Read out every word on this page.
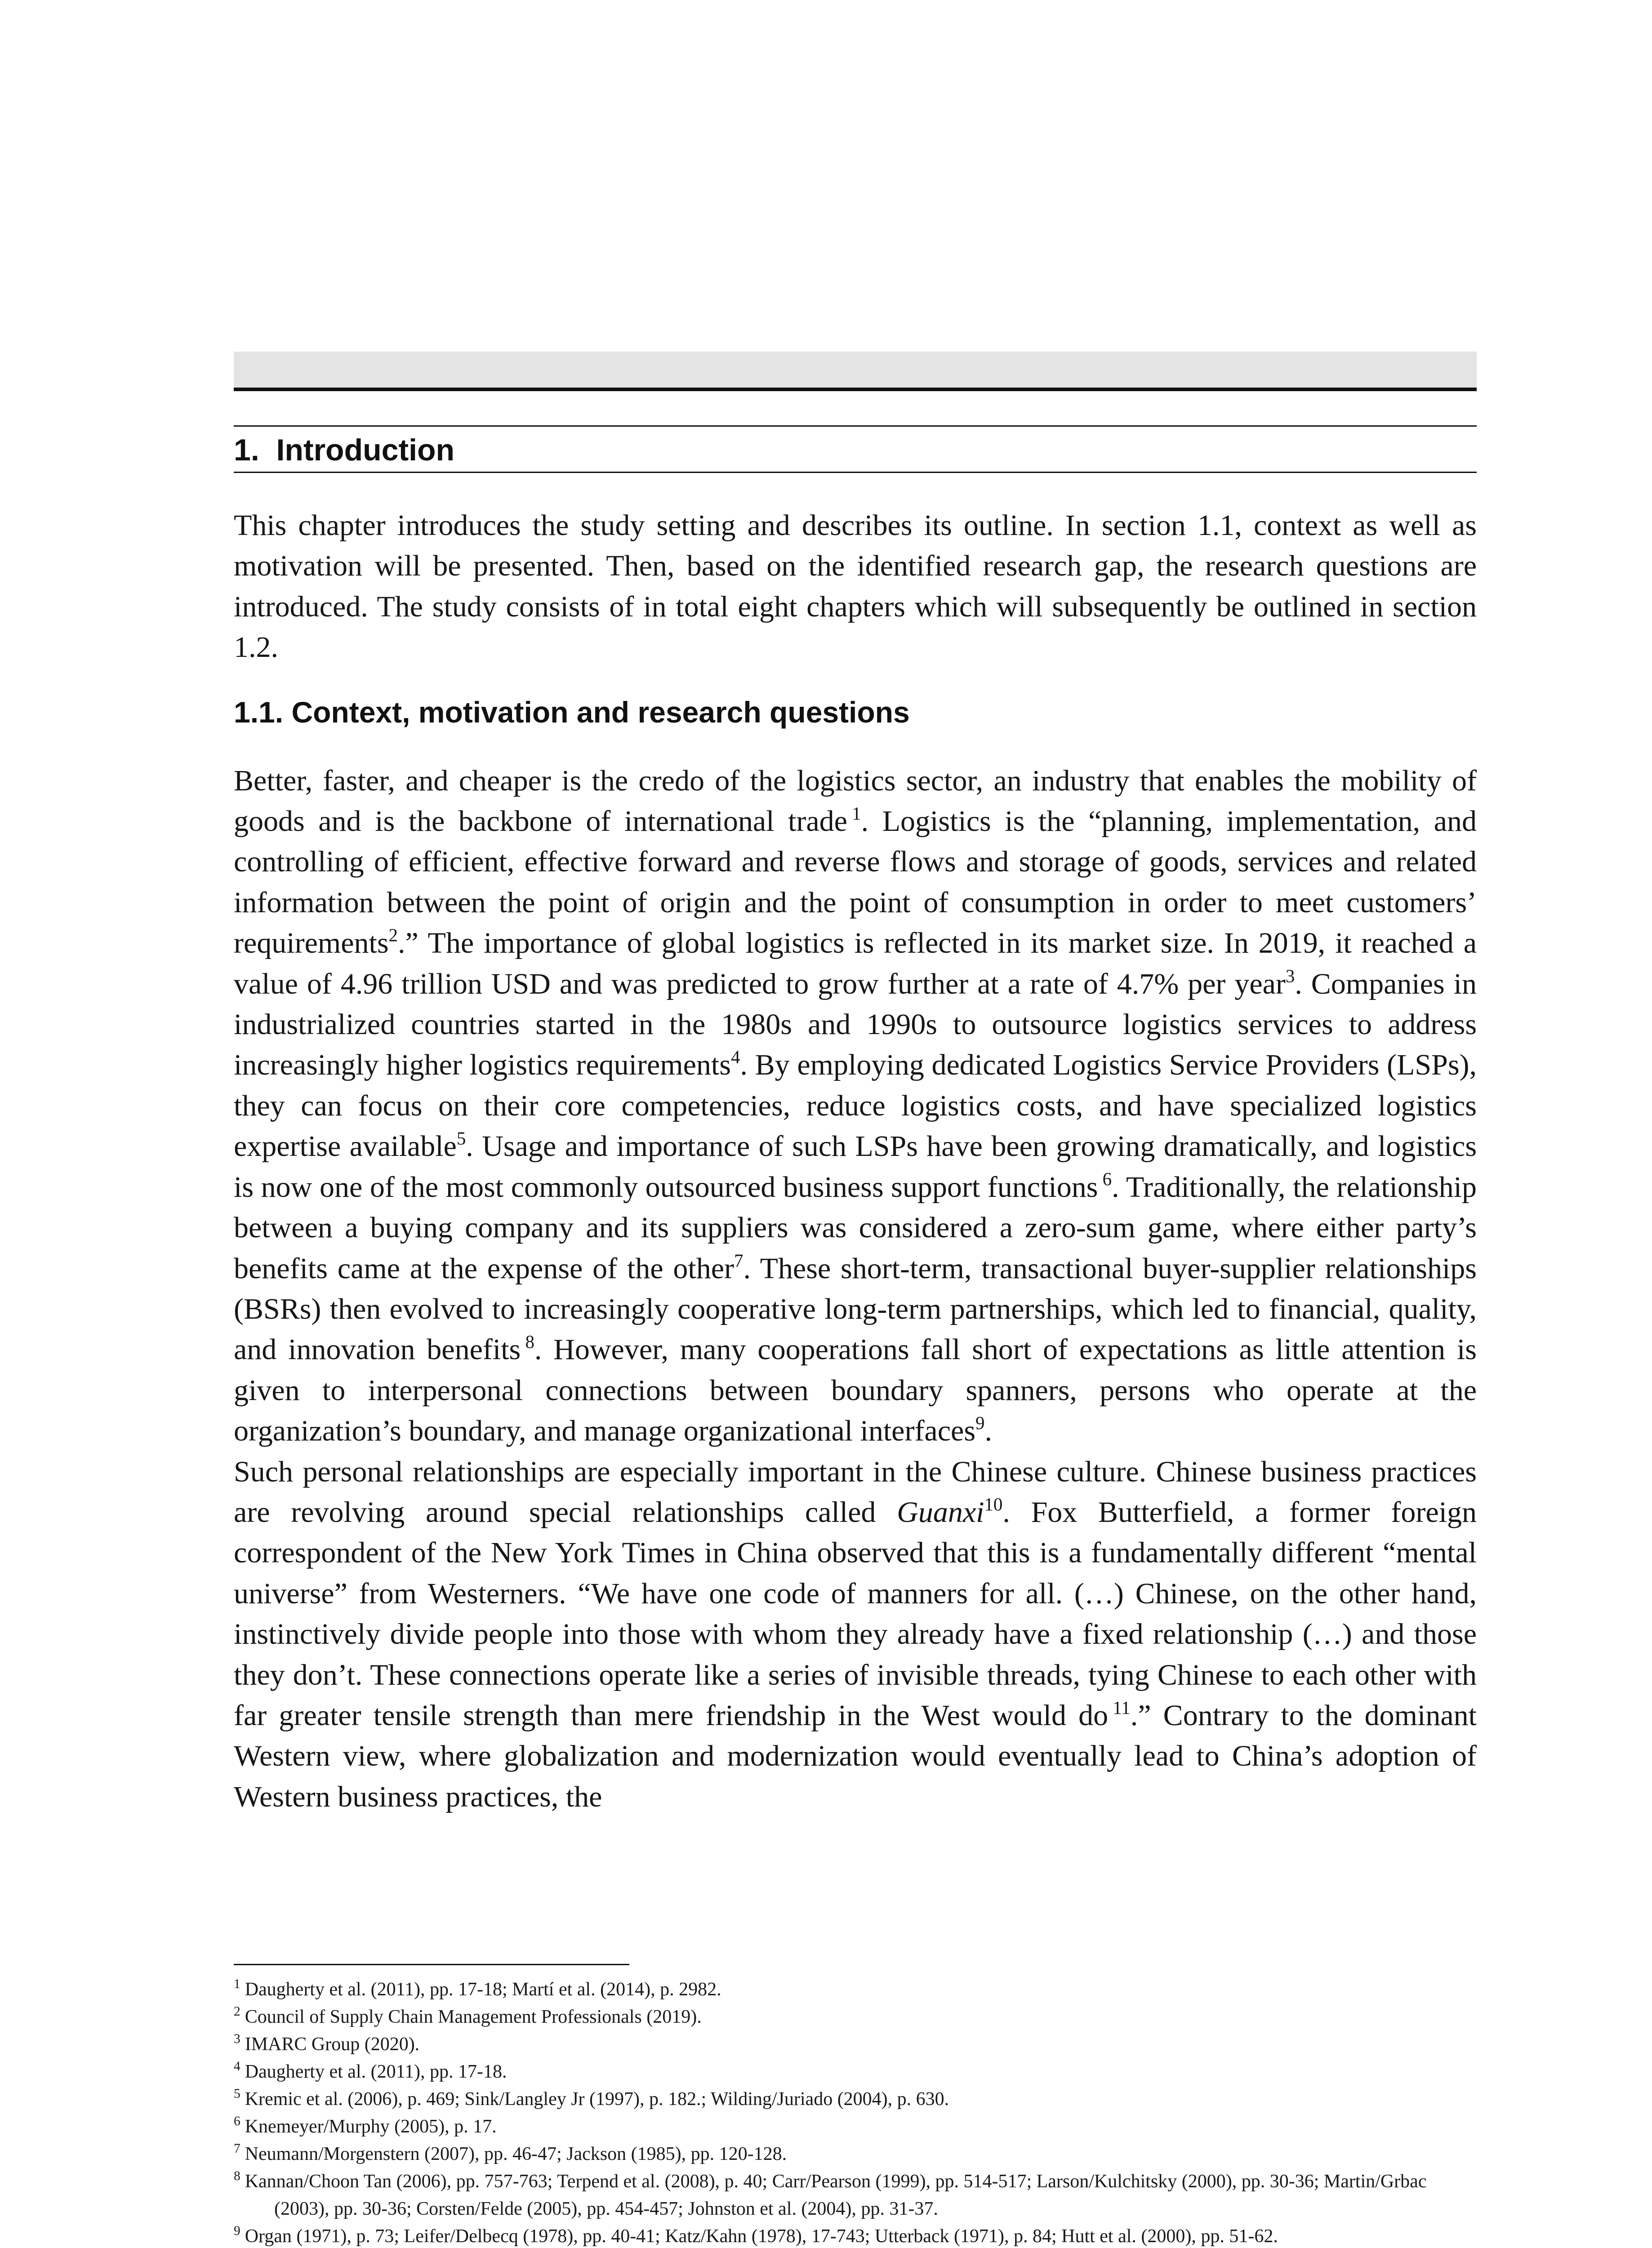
1. Introduction

This chapter introduces the study setting and describes its outline. In section 1.1, context as well as motivation will be presented. Then, based on the identified research gap, the research questions are introduced. The study consists of in total eight chapters which will subsequently be outlined in section 1.2.

1.1. Context, motivation and research questions

Better, faster, and cheaper is the credo of the logistics sector, an industry that enables the mobility of goods and is the backbone of international trade $^1$. Logistics is the “planning, implementation, and controlling of efficient, effective forward and reverse flows and storage of goods, services and related information between the point of origin and the point of consumption in order to meet customers’ requirements$^2$.” The importance of global logistics is reflected in its market size. In 2019, it reached a value of 4.96 trillion USD and was predicted to grow further at a rate of 4.7% per year$^3$. Companies in industrialized countries started in the 1980s and 1990s to outsource logistics services to address increasingly higher logistics requirements$^4$. By employing dedicated Logistics Service Providers (LSPs), they can focus on their core competencies, reduce logistics costs, and have specialized logistics expertise available$^5$. Usage and importance of such LSPs have been growing dramatically, and logistics is now one of the most commonly outsourced business support functions $^6$. Traditionally, the relationship between a buying company and its suppliers was considered a zero-sum game, where either party’s benefits came at the expense of the other$^7$. These short-term, transactional buyer-supplier relationships (BSRs) then evolved to increasingly cooperative long-term partnerships, which led to financial, quality, and innovation benefits $^8$. However, many cooperations fall short of expectations as little attention is given to interpersonal connections between boundary spanners, persons who operate at the organization’s boundary, and manage organizational interfaces$^9$.

Such personal relationships are especially important in the Chinese culture. Chinese business practices are revolving around special relationships called Guanxi$^{10}$. Fox Butterfield, a former foreign correspondent of the New York Times in China observed that this is a fundamentally different “mental universe” from Westerners. “We have one code of manners for all. (…) Chinese, on the other hand, instinctively divide people into those with whom they already have a fixed relationship (…) and those they don’t. These connections operate like a series of invisible threads, tying Chinese to each other with far greater tensile strength than mere friendship in the West would do $^{11}$.” Contrary to the dominant Western view, where globalization and modernization would eventually lead to China’s adoption of Western business practices, the

$^1$ Daugherty et al. (2011), pp. 17-18; Martí et al. (2014), p. 2982.

$^2$ Council of Supply Chain Management Professionals (2019).

$^3$ IMARC Group (2020).

$^4$ Daugherty et al. (2011), pp. 17-18.

$^5$ Kremic et al. (2006), p. 469; Sink/Langley Jr (1997), p. 182.; Wilding/Juriado (2004), p. 630.

$^6$ Knemeyer/Murphy (2005), p. 17.

$^7$ Neumann/Morgenstern (2007), pp. 46-47; Jackson (1985), pp. 120-128.

$^8$ Kannan/Choon Tan (2006), pp. 757-763; Terpend et al. (2008), p. 40; Carr/Pearson (1999), pp. 514-517; Larson/Kulchitsky (2000), pp. 30-36; Martin/Grbac (2003), pp. 30-36; Corsten/Felde (2005), pp. 454-457; Johnston et al. (2004), pp. 31-37.

$^9$ Organ (1971), p. 73; Leifer/Delbecq (1978), pp. 40-41; Katz/Kahn (1978), 17-743; Utterback (1971), p. 84; Hutt et al. (2000), pp. 51-62.
